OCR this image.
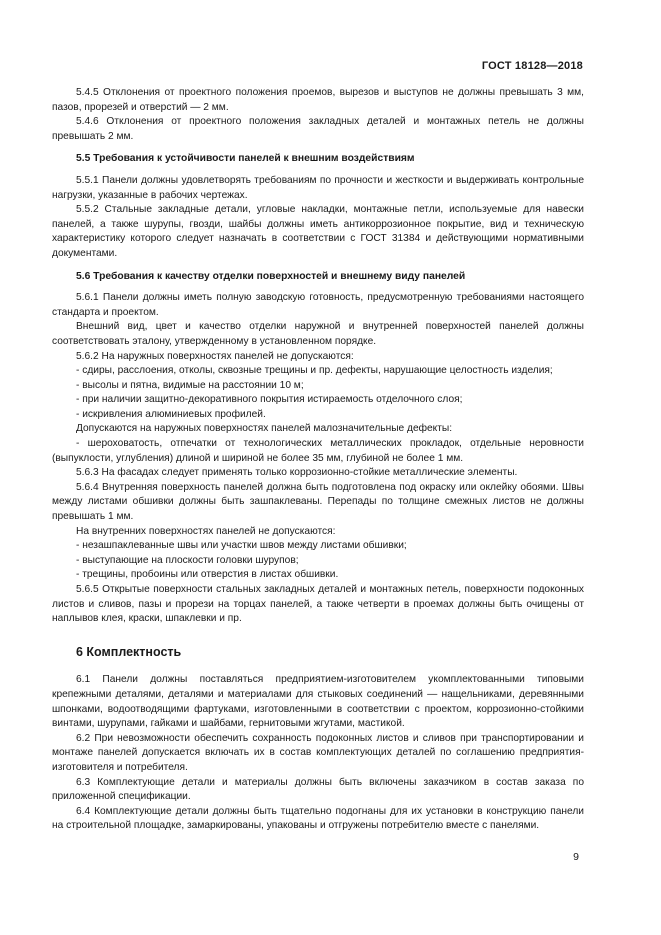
ГОСТ 18128—2018

5.4.5 Отклонения от проектного положения проемов, вырезов и выступов не должны превышать 3 мм, пазов, прорезей и отверстий — 2 мм.

5.4.6 Отклонения от проектного положения закладных деталей и монтажных петель не должны превышать 2 мм.

5.5 Требования к устойчивости панелей к внешним воздействиям

5.5.1 Панели должны удовлетворять требованиям по прочности и жесткости и выдерживать контрольные нагрузки, указанные в рабочих чертежах.

5.5.2 Стальные закладные детали, угловые накладки, монтажные петли, используемые для навески панелей, а также шурупы, гвозди, шайбы должны иметь антикоррозионное покрытие, вид и техническую характеристику которого следует назначать в соответствии с ГОСТ 31384 и действующими нормативными документами.

5.6 Требования к качеству отделки поверхностей и внешнему виду панелей

5.6.1 Панели должны иметь полную заводскую готовность, предусмотренную требованиями настоящего стандарта и проектом.

Внешний вид, цвет и качество отделки наружной и внутренней поверхностей панелей должны соответствовать эталону, утвержденному в установленном порядке.

5.6.2 На наружных поверхностях панелей не допускаются:

- сдиры, расслоения, отколы, сквозные трещины и пр. дефекты, нарушающие целостность изделия;

- высолы и пятна, видимые на расстоянии 10 м;

- при наличии защитно-декоративного покрытия истираемость отделочного слоя;

- искривления алюминиевых профилей.

Допускаются на наружных поверхностях панелей малозначительные дефекты:

- шероховатость, отпечатки от технологических металлических прокладок, отдельные неровности (выпуклости, углубления) длиной и шириной не более 35 мм, глубиной не более 1 мм.

5.6.3 На фасадах следует применять только коррозионно-стойкие металлические элементы.

5.6.4 Внутренняя поверхность панелей должна быть подготовлена под окраску или оклейку обоями. Швы между листами обшивки должны быть зашпаклеваны. Перепады по толщине смежных листов не должны превышать 1 мм.

На внутренних поверхностях панелей не допускаются:

- незашпаклеванные швы или участки швов между листами обшивки;

- выступающие на плоскости головки шурупов;

- трещины, пробоины или отверстия в листах обшивки.

5.6.5 Открытые поверхности стальных закладных деталей и монтажных петель, поверхности подоконных листов и сливов, пазы и прорези на торцах панелей, а также четверти в проемах должны быть очищены от наплывов клея, краски, шпаклевки и пр.

6 Комплектность

6.1 Панели должны поставляться предприятием-изготовителем укомплектованными типовыми крепежными деталями, деталями и материалами для стыковых соединений — нащельниками, деревянными шпонками, водоотводящими фартуками, изготовленными в соответствии с проектом, коррозионно-стойкими винтами, шурупами, гайками и шайбами, гернитовыми жгутами, мастикой.

6.2 При невозможности обеспечить сохранность подоконных листов и сливов при транспортировании и монтаже панелей допускается включать их в состав комплектующих деталей по соглашению предприятия-изготовителя и потребителя.

6.3 Комплектующие детали и материалы должны быть включены заказчиком в состав заказа по приложенной спецификации.

6.4 Комплектующие детали должны быть тщательно подогнаны для их установки в конструкцию панели на строительной площадке, замаркированы, упакованы и отгружены потребителю вместе с панелями.

9
